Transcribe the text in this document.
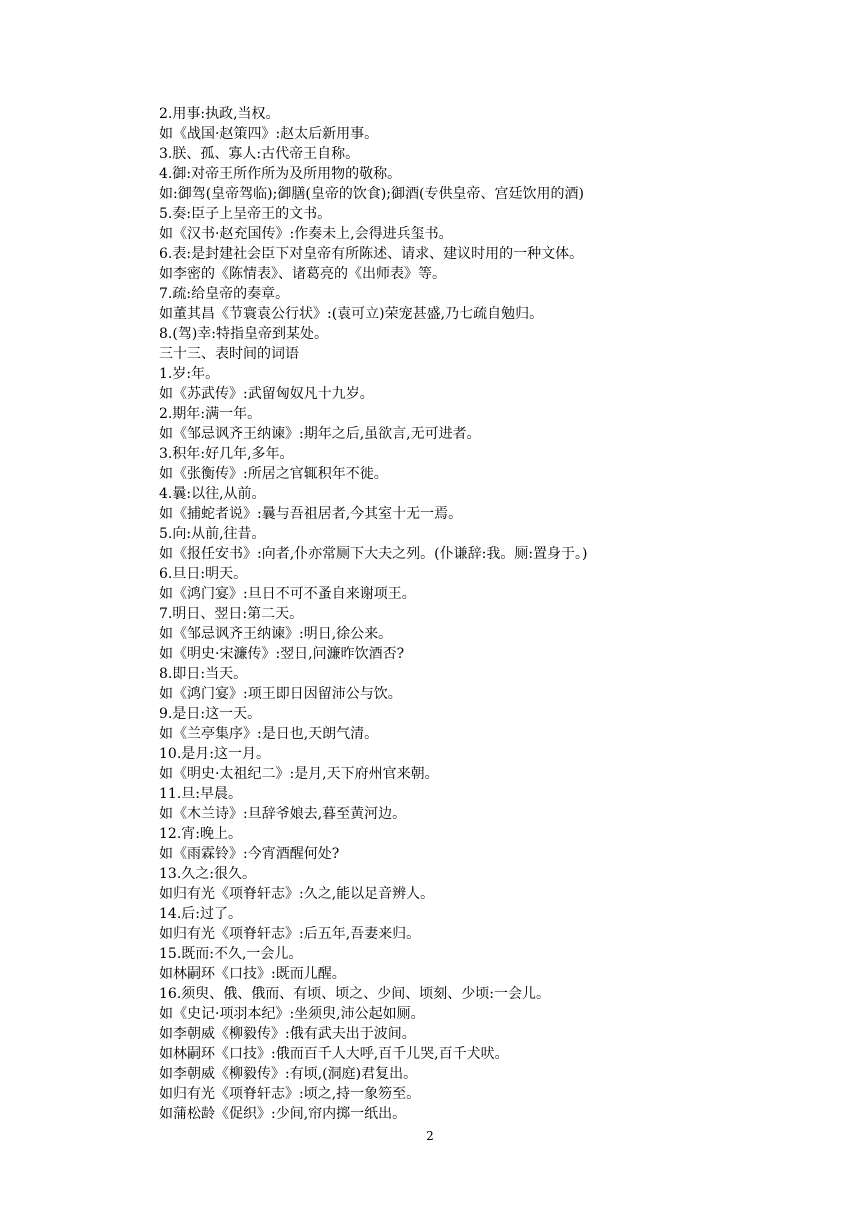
2.用事:执政,当权。
如《战国·赵策四》:赵太后新用事。
3.朕、孤、寡人:古代帝王自称。
4.御:对帝王所作所为及所用物的敬称。
如:御驾(皇帝驾临);御膳(皇帝的饮食);御酒(专供皇帝、宫廷饮用的酒)
5.奏:臣子上呈帝王的文书。
如《汉书·赵充国传》:作奏未上,会得进兵玺书。
6.表:是封建社会臣下对皇帝有所陈述、请求、建议时用的一种文体。
如李密的《陈情表》、诸葛亮的《出师表》等。
7.疏:给皇帝的奏章。
如董其昌《节寰袁公行状》:(袁可立)荣宠甚盛,乃七疏自勉归。
8.(驾)幸:特指皇帝到某处。
三十三、表时间的词语
1.岁:年。
如《苏武传》:武留匈奴凡十九岁。
2.期年:满一年。
如《邹忌讽齐王纳谏》:期年之后,虽欲言,无可进者。
3.积年:好几年,多年。
如《张衡传》:所居之官辄积年不徙。
4.曩:以往,从前。
如《捕蛇者说》:曩与吾祖居者,今其室十无一焉。
5.向:从前,往昔。
如《报任安书》:向者,仆亦常厕下大夫之列。(仆谦辞:我。厕:置身于。)
6.旦日:明天。
如《鸿门宴》:旦日不可不蚤自来谢项王。
7.明日、翌日:第二天。
如《邹忌讽齐王纳谏》:明日,徐公来。
如《明史·宋濂传》:翌日,问濂昨饮酒否?
8.即日:当天。
如《鸿门宴》:项王即日因留沛公与饮。
9.是日:这一天。
如《兰亭集序》:是日也,天朗气清。
10.是月:这一月。
如《明史·太祖纪二》:是月,天下府州官来朝。
11.旦:早晨。
如《木兰诗》:旦辞爷娘去,暮至黄河边。
12.宵:晚上。
如《雨霖铃》:今宵酒醒何处?
13.久之:很久。
如归有光《项脊轩志》:久之,能以足音辨人。
14.后:过了。
如归有光《项脊轩志》:后五年,吾妻来归。
15.既而:不久,一会儿。
如林嗣环《口技》:既而儿醒。
16.须臾、俄、俄而、有顷、顷之、少间、顷刻、少顷:一会儿。
如《史记·项羽本纪》:坐须臾,沛公起如厕。
如李朝威《柳毅传》:俄有武夫出于波间。
如林嗣环《口技》:俄而百千人大呼,百千儿哭,百千犬吠。
如李朝威《柳毅传》:有顷,(洞庭)君复出。
如归有光《项脊轩志》:顷之,持一象笏至。
如蒲松龄《促织》:少间,帘内掷一纸出。
2
